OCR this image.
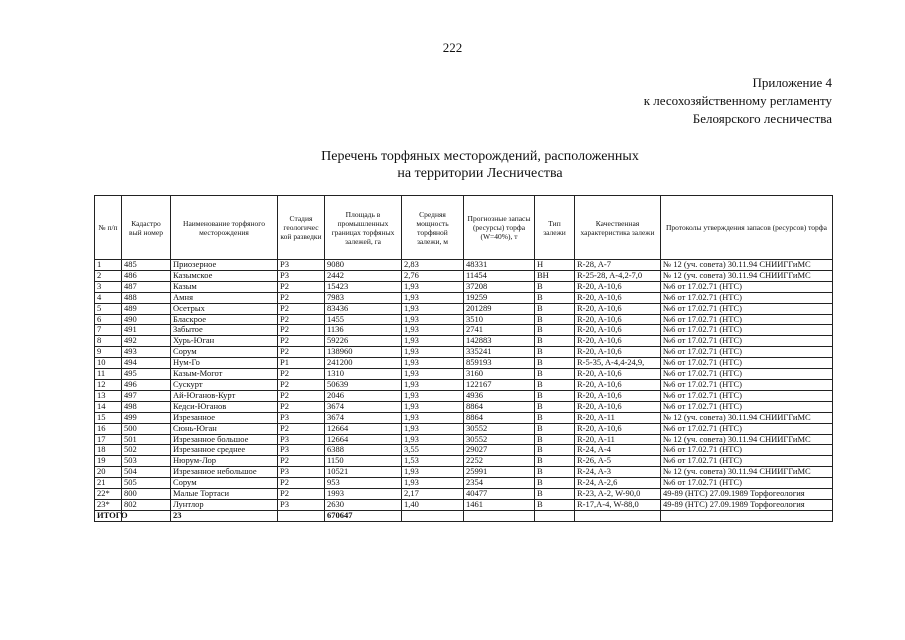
222
Приложение 4
к лесохозяйственному регламенту
Белоярского лесничества
Перечень торфяных месторождений, расположенных
на территории Лесничества
№ п/п	Кадастро вый номер	Наименование торфяного месторождения	Стадия геологичес кой разведки	Площадь в промышленных границах торфяных залежей, га	Средняя мощность торфяной залежи, м	Прогнозные запасы (ресурсы) торфа (W=40%), т	Тип залежи	Качественная характеристика залежи	Протоколы утверждения запасов (ресурсов) торфа
1	485	Приозерное	Р3	9080	2,83	48331	Н	R-28, A-7	№ 12 (уч. совета) 30.11.94 СНИИГГиМС
2	486	Казымское	Р3	2442	2,76	11454	ВН	R-25-28, A-4,2-7,0	№ 12 (уч. совета) 30.11.94 СНИИГГиМС
3	487	Казым	Р2	15423	1,93	37208	В	R-20, A-10,6	№6 от 17.02.71 (НТС)
4	488	Амня	Р2	7983	1,93	19259	В	R-20, A-10,6	№6 от 17.02.71 (НТС)
5	489	Осетрых	Р2	83436	1,93	201289	В	R-20, A-10,6	№6 от 17.02.71 (НТС)
6	490	Бласкрое	Р2	1455	1,93	3510	В	R-20, A-10,6	№6 от 17.02.71 (НТС)
7	491	Забытое	Р2	1136	1,93	2741	В	R-20, A-10,6	№6 от 17.02.71 (НТС)
8	492	Хурь-Юган	Р2	59226	1,93	142883	В	R-20, A-10,6	№6 от 17.02.71 (НТС)
9	493	Сорум	Р2	138960	1,93	335241	В	R-20, A-10,6	№6 от 17.02.71 (НТС)
10	494	Нум-Го	Р1	241200	1,93	859193	В	R-5-35, A-4,4-24,9,	№6 от 17.02.71 (НТС)
11	495	Казым-Могот	Р2	1310	1,93	3160	В	R-20, A-10,6	№6 от 17.02.71 (НТС)
12	496	Сускурт	Р2	50639	1,93	122167	В	R-20, A-10,6	№6 от 17.02.71 (НТС)
13	497	Ай-Юганов-Курт	Р2	2046	1,93	4936	В	R-20, A-10,6	№6 от 17.02.71 (НТС)
14	498	Кедси-Юганов	Р2	3674	1,93	8864	В	R-20, A-10,6	№6 от 17.02.71 (НТС)
15	499	Изрезанное	Р3	3674	1,93	8864	В	R-20, A-11	№ 12 (уч. совета) 30.11.94 СНИИГГиМС
16	500	Сюнь-Юган	Р2	12664	1,93	30552	В	R-20, A-10,6	№6 от 17.02.71 (НТС)
17	501	Изрезанное большое	Р3	12664	1,93	30552	В	R-20, A-11	№ 12 (уч. совета) 30.11.94 СНИИГГиМС
18	502	Изрезанное среднее	Р3	6388	3,55	29027	В	R-24, A-4	№6 от 17.02.71 (НТС)
19	503	Нюрум-Лор	Р2	1150	1,53	2252	В	R-26, A-5	№6 от 17.02.71 (НТС)
20	504	Изрезанное небольшое	Р3	10521	1,93	25991	В	R-24, A-3	№ 12 (уч. совета) 30.11.94 СНИИГГиМС
21	505	Сорум	Р2	953	1,93	2354	В	R-24, A-2,6	№6 от 17.02.71 (НТС)
22*	800	Малые Тортаси	Р2	1993	2,17	40477	В	R-23, A-2, W-90,0	49-89 (НТС) 27.09.1989 Торфогеология
23*	802	Лунтлор	Р3	2630	1,40	1461	В	R-17,A-4, W-88,0	49-89 (НТС) 27.09.1989 Торфогеология
ИТОГО		23		670647					
